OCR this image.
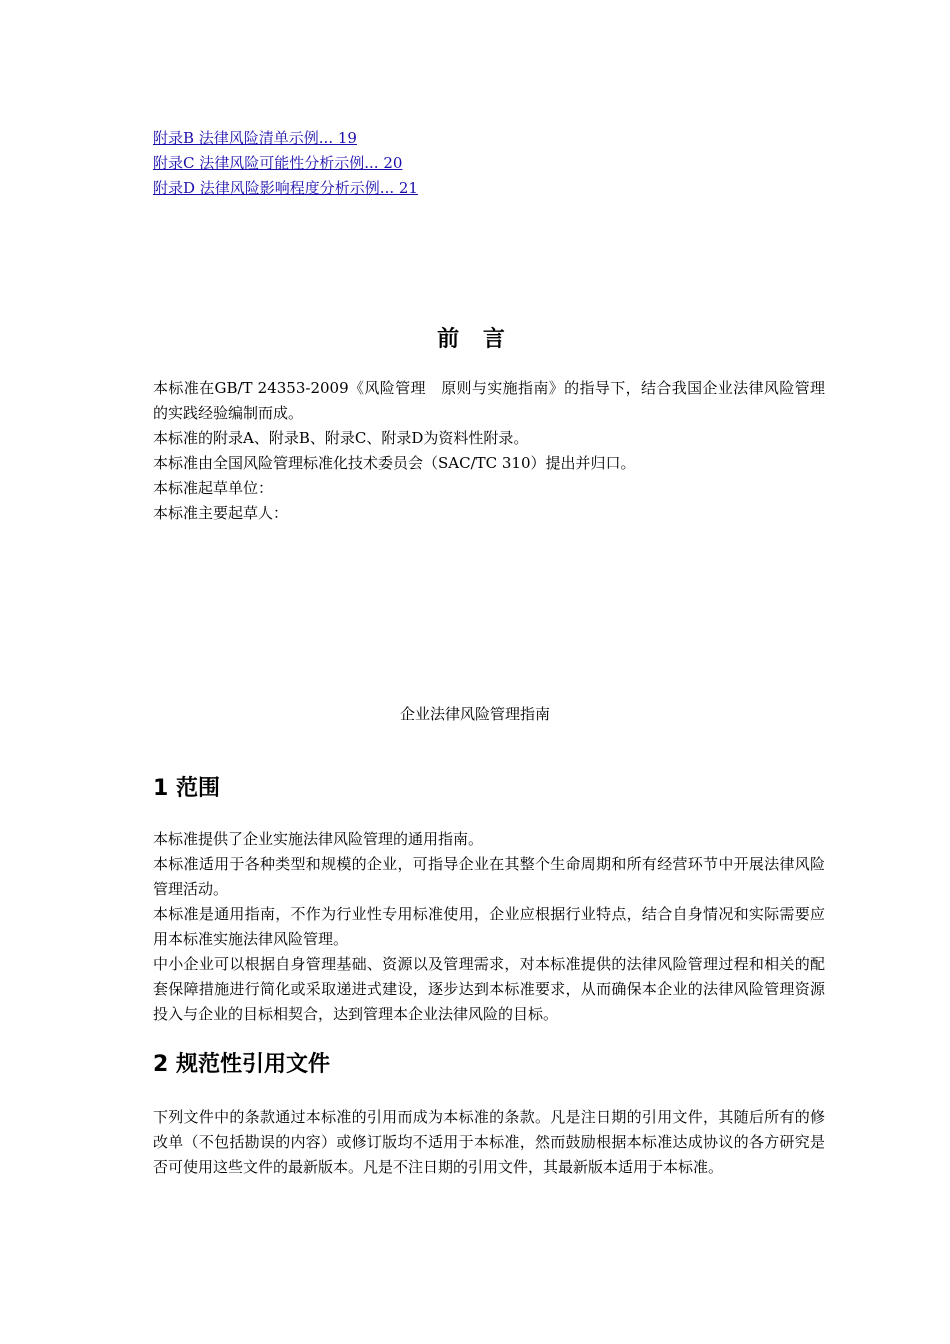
附录B 法律风险清单示例... 19
附录C 法律风险可能性分析示例... 20
附录D 法律风险影响程度分析示例... 21
前 言
本标准在GB/T 24353-2009《风险管理　原则与实施指南》的指导下，结合我国企业法律风险管理的实践经验编制而成。
本标准的附录A、附录B、附录C、附录D为资料性附录。
本标准由全国风险管理标准化技术委员会（SAC/TC 310）提出并归口。
本标准起草单位：
本标准主要起草人：
企业法律风险管理指南
1 范围
本标准提供了企业实施法律风险管理的通用指南。
本标准适用于各种类型和规模的企业，可指导企业在其整个生命周期和所有经营环节中开展法律风险管理活动。
本标准是通用指南，不作为行业性专用标准使用，企业应根据行业特点，结合自身情况和实际需要应用本标准实施法律风险管理。
中小企业可以根据自身管理基础、资源以及管理需求，对本标准提供的法律风险管理过程和相关的配套保障措施进行简化或采取递进式建设，逐步达到本标准要求，从而确保本企业的法律风险管理资源投入与企业的目标相契合，达到管理本企业法律风险的目标。
2 规范性引用文件
下列文件中的条款通过本标准的引用而成为本标准的条款。凡是注日期的引用文件，其随后所有的修改单（不包括勘误的内容）或修订版均不适用于本标准，然而鼓励根据本标准达成协议的各方研究是否可使用这些文件的最新版本。凡是不注日期的引用文件，其最新版本适用于本标准。
